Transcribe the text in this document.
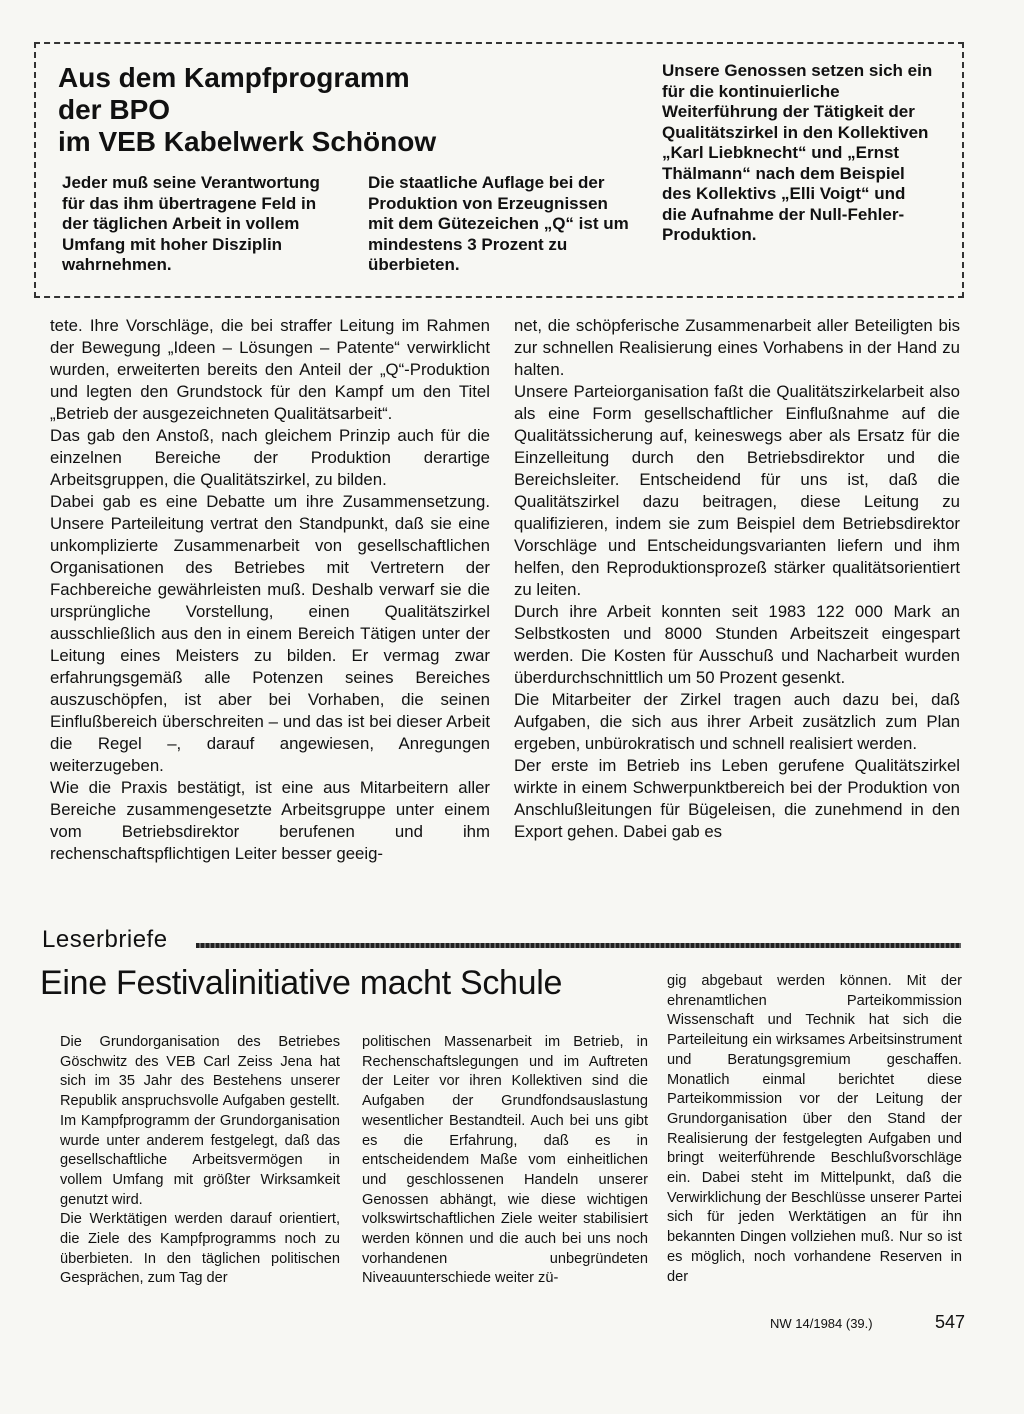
Aus dem Kampfprogramm
der BPO
im VEB Kabelwerk Schönow
Jeder muß seine Verantwortung für das ihm übertragene Feld in der täglichen Arbeit in vollem Umfang mit hoher Disziplin wahrnehmen.
Die staatliche Auflage bei der Produktion von Erzeugnissen mit dem Gütezeichen „Q“ ist um mindestens 3 Prozent zu überbieten.
Unsere Genossen setzen sich ein für die kontinuierliche Weiterführung der Tätigkeit der Qualitätszirkel in den Kollektiven „Karl Liebknecht“ und „Ernst Thälmann“ nach dem Beispiel des Kollektivs „Elli Voigt“ und die Aufnahme der Null-Fehler-Produktion.

tete. Ihre Vorschläge, die bei straffer Leitung im Rahmen der Bewegung „Ideen – Lösungen – Patente“ verwirklicht wurden, erweiterten bereits den Anteil der „Q“-Produktion und legten den Grundstock für den Kampf um den Titel „Betrieb der ausgezeichneten Qualitätsarbeit“.

Das gab den Anstoß, nach gleichem Prinzip auch für die einzelnen Bereiche der Produktion derartige Arbeitsgruppen, die Qualitätszirkel, zu bilden.

Dabei gab es eine Debatte um ihre Zusammensetzung. Unsere Parteileitung vertrat den Standpunkt, daß sie eine unkomplizierte Zusammenarbeit von gesellschaftlichen Organisationen des Betriebes mit Vertretern der Fachbereiche gewährleisten muß. Deshalb verwarf sie die ursprüngliche Vorstellung, einen Qualitätszirkel ausschließlich aus den in einem Bereich Tätigen unter der Leitung eines Meisters zu bilden. Er vermag zwar erfahrungsgemäß alle Potenzen seines Bereiches auszuschöpfen, ist aber bei Vorhaben, die seinen Einflußbereich überschreiten – und das ist bei dieser Arbeit die Regel –, darauf angewiesen, Anregungen weiterzugeben.

Wie die Praxis bestätigt, ist eine aus Mitarbeitern aller Bereiche zusammengesetzte Arbeitsgruppe unter einem vom Betriebsdirektor berufenen und ihm rechenschaftspflichtigen Leiter besser geeig-

net, die schöpferische Zusammenarbeit aller Beteiligten bis zur schnellen Realisierung eines Vorhabens in der Hand zu halten.

Unsere Parteiorganisation faßt die Qualitätszirkelarbeit also als eine Form gesellschaftlicher Einflußnahme auf die Qualitätssicherung auf, keineswegs aber als Ersatz für die Einzelleitung durch den Betriebsdirektor und die Bereichsleiter. Entscheidend für uns ist, daß die Qualitätszirkel dazu beitragen, diese Leitung zu qualifizieren, indem sie zum Beispiel dem Betriebsdirektor Vorschläge und Entscheidungsvarianten liefern und ihm helfen, den Reproduktionsprozeß stärker qualitätsorientiert zu leiten.

Durch ihre Arbeit konnten seit 1983 122 000 Mark an Selbstkosten und 8000 Stunden Arbeitszeit eingespart werden. Die Kosten für Ausschuß und Nacharbeit wurden überdurchschnittlich um 50 Prozent gesenkt.

Die Mitarbeiter der Zirkel tragen auch dazu bei, daß Aufgaben, die sich aus ihrer Arbeit zusätzlich zum Plan ergeben, unbürokratisch und schnell realisiert werden.

Der erste im Betrieb ins Leben gerufene Qualitätszirkel wirkte in einem Schwerpunktbereich bei der Produktion von Anschlußleitungen für Bügeleisen, die zunehmend in den Export gehen. Dabei gab es

Leserbriefe
Eine Festivalinitiative macht Schule

Die Grundorganisation des Betriebes Göschwitz des VEB Carl Zeiss Jena hat sich im 35 Jahr des Bestehens unserer Republik anspruchsvolle Aufgaben gestellt. Im Kampfprogramm der Grundorganisation wurde unter anderem festgelegt, daß das gesellschaftliche Arbeitsvermögen in vollem Umfang mit größter Wirksamkeit genutzt wird.

Die Werktätigen werden darauf orientiert, die Ziele des Kampfprogramms noch zu überbieten. In den täglichen politischen Gesprächen, zum Tag der

politischen Massenarbeit im Betrieb, in Rechenschaftslegungen und im Auftreten der Leiter vor ihren Kollektiven sind die Aufgaben der Grundfondsauslastung wesentlicher Bestandteil. Auch bei uns gibt es die Erfahrung, daß es in entscheidendem Maße vom einheitlichen und geschlossenen Handeln unserer Genossen abhängt, wie diese wichtigen volkswirtschaftlichen Ziele weiter stabilisiert werden können und die auch bei uns noch vorhandenen unbegründeten Niveauunterschiede weiter zü-

gig abgebaut werden können. Mit der ehrenamtlichen Parteikommission Wissenschaft und Technik hat sich die Parteileitung ein wirksames Arbeitsinstrument und Beratungsgremium geschaffen. Monatlich einmal berichtet diese Parteikommission vor der Leitung der Grundorganisation über den Stand der Realisierung der festgelegten Aufgaben und bringt weiterführende Beschlußvorschläge ein. Dabei steht im Mittelpunkt, daß die Verwirklichung der Beschlüsse unserer Partei sich für jeden Werktätigen an für ihn bekannten Dingen vollziehen muß. Nur so ist es möglich, noch vorhandene Reserven in der

NW 14/1984 (39.)	547
